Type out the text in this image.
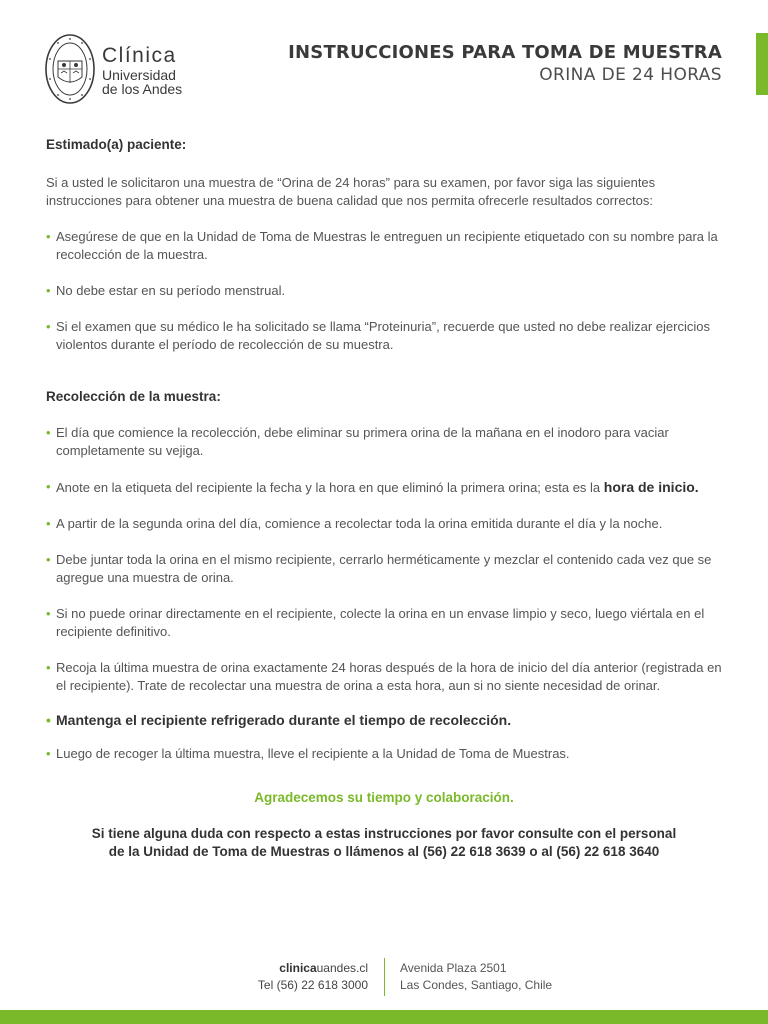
Clínica
Universidad
de los Andes
INSTRUCCIONES PARA TOMA DE MUESTRA
ORINA DE 24 HORAS

Estimado(a) paciente:

Si a usted le solicitaron una muestra de “Orina de 24 horas” para su examen, por favor siga las siguientes instrucciones para obtener una muestra de buena calidad que nos permita ofrecerle resultados correctos:

• Asegúrese de que en la Unidad de Toma de Muestras le entreguen un recipiente etiquetado con su nombre para la recolección de la muestra.
• No debe estar en su período menstrual.
• Si el examen que su médico le ha solicitado se llama “Proteinuria”, recuerde que usted no debe realizar ejercicios violentos durante el período de recolección de su muestra.

Recolección de la muestra:

• El día que comience la recolección, debe eliminar su primera orina de la mañana en el inodoro para vaciar completamente su vejiga.
• Anote en la etiqueta del recipiente la fecha y la hora en que eliminó la primera orina; esta es la hora de inicio.
• A partir de la segunda orina del día, comience a recolectar toda la orina emitida durante el día y la noche.
• Debe juntar toda la orina en el mismo recipiente, cerrarlo herméticamente y mezclar el contenido cada vez que se agregue una muestra de orina.
• Si no puede orinar directamente en el recipiente, colecte la orina en un envase limpio y seco, luego viértala en el recipiente definitivo.
• Recoja la última muestra de orina exactamente 24 horas después de la hora de inicio del día anterior (registrada en el recipiente). Trate de recolectar una muestra de orina a esta hora, aun si no siente necesidad de orinar.
• Mantenga el recipiente refrigerado durante el tiempo de recolección.
• Luego de recoger la última muestra, lleve el recipiente a la Unidad de Toma de Muestras.
Agradecemos su tiempo y colaboración.
Si tiene alguna duda con respecto a estas instrucciones por favor consulte con el personal
de la Unidad de Toma de Muestras o llámenos al (56) 22 618 3639 o al (56) 22 618 3640
clinicauandes.cl
Tel (56) 22 618 3000
Avenida Plaza 2501
Las Condes, Santiago, Chile
